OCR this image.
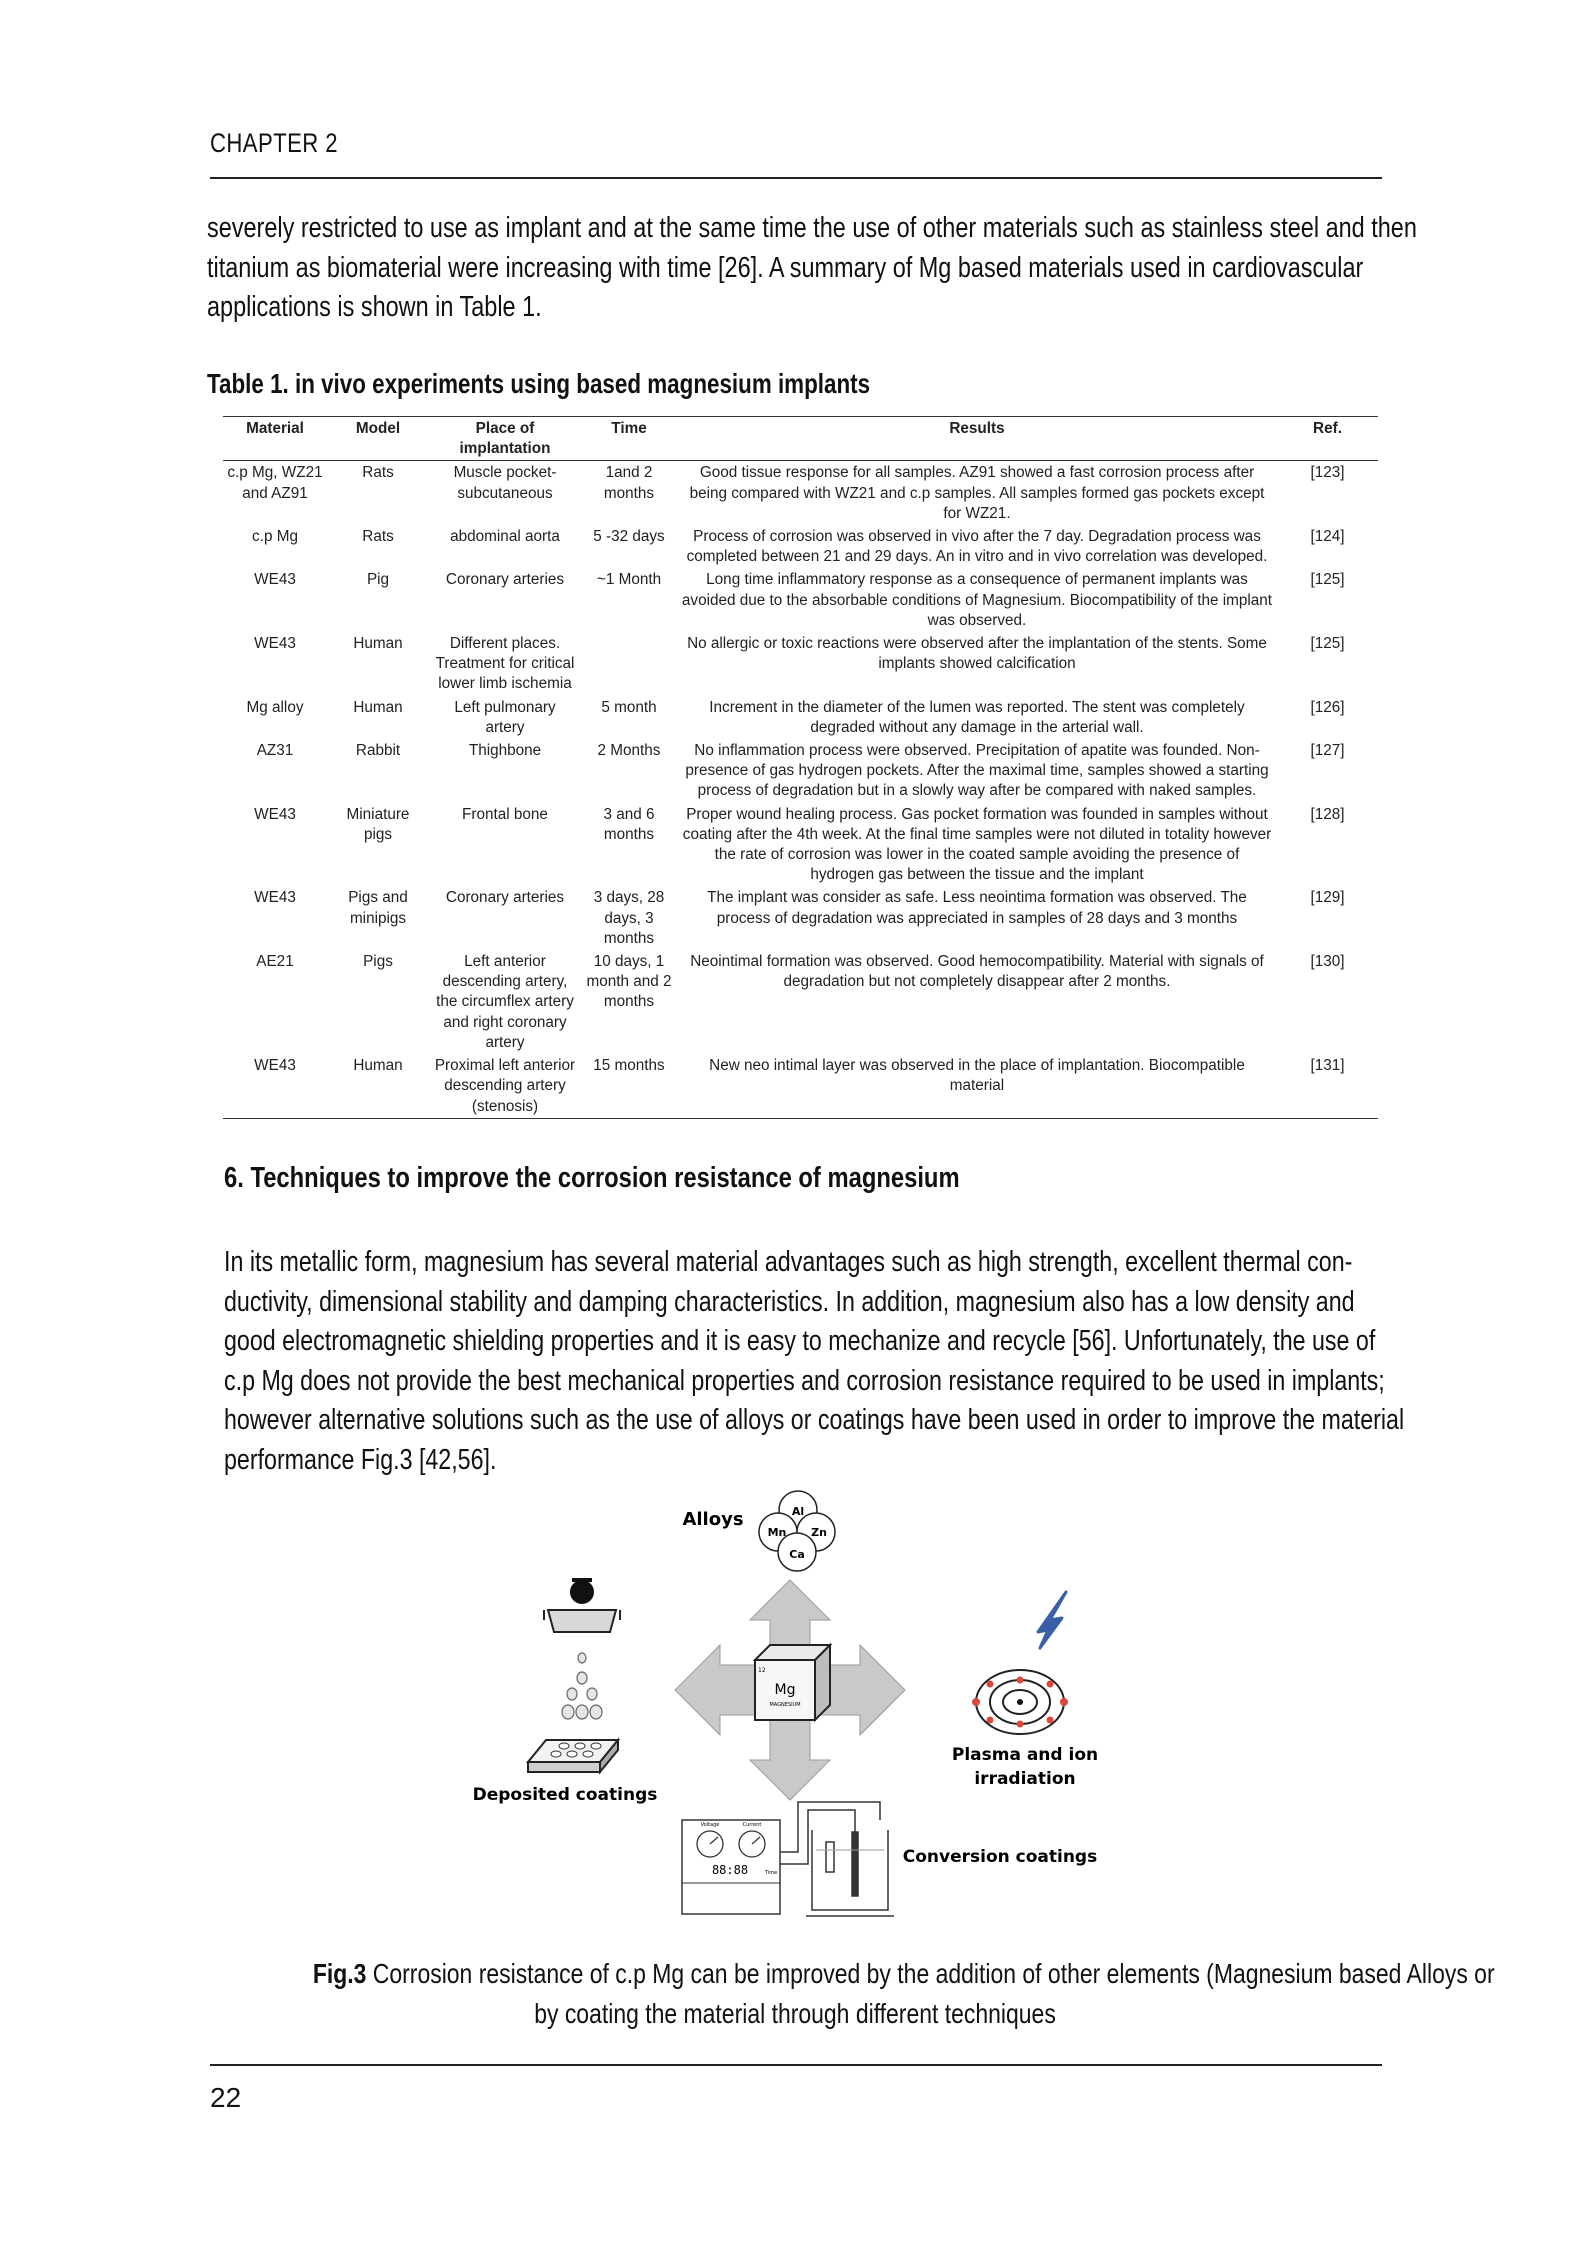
CHAPTER 2
severely restricted to use as implant and at the same time the use of other materials such as stainless steel and then
titanium as biomaterial were increasing with time [26]. A summary of Mg based materials used in cardiovascular
applications is shown in Table 1.
Table 1. in vivo experiments using based magnesium implants
Material	Model	Place of implantation	Time	Results	Ref.
c.p Mg, WZ21 and AZ91	Rats	Muscle pocket-subcutaneous	1and 2 months	Good tissue response for all samples. AZ91 showed a fast corrosion process after being compared with WZ21 and c.p samples. All samples formed gas pockets except for WZ21.	[123]
c.p Mg	Rats	abdominal aorta	5 -32 days	Process of corrosion was observed in vivo after the 7 day. Degradation process was completed between 21 and 29 days. An in vitro and in vivo correlation was developed.	[124]
WE43	Pig	Coronary arteries	~1 Month	Long time inflammatory response as a consequence of permanent implants was avoided due to the absorbable conditions of Magnesium. Biocompatibility of the implant was observed.	[125]
WE43	Human	Different places. Treatment for critical lower limb ischemia		No allergic or toxic reactions were observed after the implantation of the stents. Some implants showed calcification	[125]
Mg alloy	Human	Left pulmonary artery	5 month	Increment in the diameter of the lumen was reported. The stent was completely degraded without any damage in the arterial wall.	[126]
AZ31	Rabbit	Thighbone	2 Months	No inflammation process were observed. Precipitation of apatite was founded. Non-presence of gas hydrogen pockets. After the maximal time, samples showed a starting process of degradation but in a slowly way after be compared with naked samples.	[127]
WE43	Miniature pigs	Frontal bone	3 and 6 months	Proper wound healing process. Gas pocket formation was founded in samples without coating after the 4th week. At the final time samples were not diluted in totality however the rate of corrosion was lower in the coated sample avoiding the presence of hydrogen gas between the tissue and the implant	[128]
WE43	Pigs and minipigs	Coronary arteries	3 days, 28 days, 3 months	The implant was consider as safe. Less neointima formation was observed. The process of degradation was appreciated in samples of 28 days and 3 months	[129]
AE21	Pigs	Left anterior descending artery, the circumflex artery and right coronary artery	10 days, 1 month and 2 months	Neointimal formation was observed. Good hemocompatibility. Material with signals of degradation but not completely disappear after 2 months.	[130]
WE43	Human	Proximal left anterior descending artery (stenosis)	15 months	New neo intimal layer was observed in the place of implantation. Biocompatible material	[131]
6. Techniques to improve the corrosion resistance of magnesium
In its metallic form, magnesium has several material advantages such as high strength, excellent thermal con-
ductivity, dimensional stability and damping characteristics. In addition, magnesium also has a low density and
good electromagnetic shielding properties and it is easy to mechanize and recycle [56]. Unfortunately, the use of
c.p Mg does not provide the best mechanical properties and corrosion resistance required to be used in implants;
however alternative solutions such as the use of alloys or coatings have been used in order to improve the material
performance Fig.3 [42,56].
12
Mg
MAGNESIUM
Al
Mn Zn
Ca
Alloys
Deposited coatings
Plasma and ion
irradiation
Voltage	Current
88:88	Time
Conversion coatings
Fig.3 Corrosion resistance of c.p Mg can be improved by the addition of other elements (Magnesium based Alloys or
by coating the material through different techniques
22
